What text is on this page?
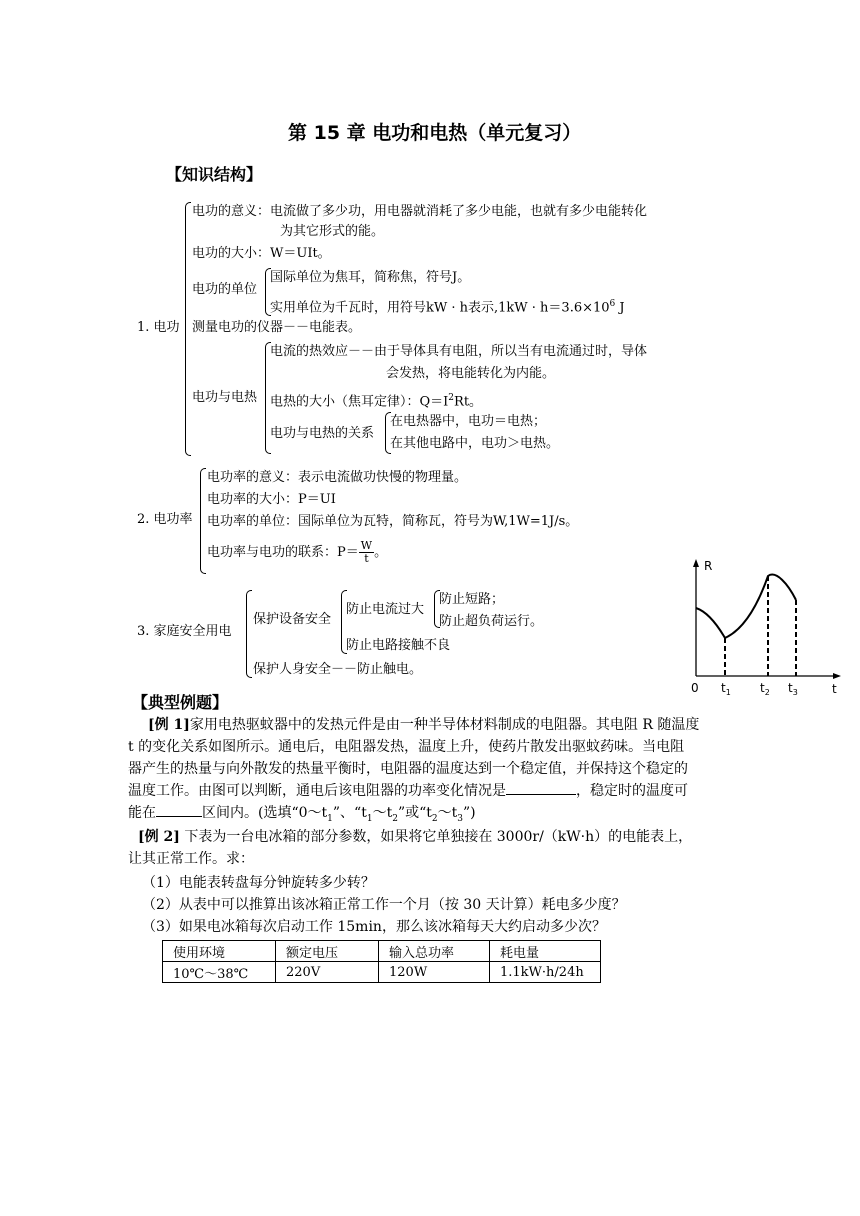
第 15 章 电功和电热（单元复习）
【知识结构】
1. 电功
电功的意义：电流做了多少功，用电器就消耗了多少电能，也就有多少电能转化
为其它形式的能。
电功的大小：W＝UIt。
电功的单位
国际单位为焦耳，简称焦，符号J。
实用单位为千瓦时，用符号kW · h表示$,1kW \cdot h=3.6\times 10^6$ J
测量电功的仪器－－电能表。
电功与电热
电流的热效应－－由于导体具有电阻，所以当有电流通过时，导体
会发热，将电能转化为内能。
电热的大小（焦耳定律）：$Q=I^2Rt$。
电功与电热的关系
在电热器中，电功＝电热；
在其他电路中，电功＞电热。
2. 电功率
电功率的意义：表示电流做功快慢的物理量。
电功率的大小：P＝UI
电功率的单位：国际单位为瓦特，简称瓦，符号为W,1W=1J/s。
电功率与电功的联系：$P= \frac{W}{t}$ 。
3. 家庭安全用电
保护设备安全
防止电流过大
防止短路；
防止超负荷运行。
防止电路接触不良
保护人身安全－－防止触电。
R
t
0 $t_1$ $t_2$ $t_3$
【典型例题】
[例 1]家用电热驱蚊器中的发热元件是由一种半导体材料制成的电阻器。其电阻 R 随温度
t 的变化关系如图所示。通电后，电阻器发热，温度上升，使药片散发出驱蚊药味。当电阻
器产生的热量与向外散发的热量平衡时，电阻器的温度达到一个稳定值，并保持这个稳定的
温度工作。由图可以判断，通电后该电阻器的功率变化情况是	，稳定时的温度可
能在	区间内。(选填“$0\sim t_1$”、“$t_1\sim t_2$”或“$t_2\sim t_3$”)
[例 2] 下表为一台电冰箱的部分参数，如果将它单独接在 3000r/（kW·h）的电能表上，
让其正常工作。求：
（1）电能表转盘每分钟旋转多少转？
（2）从表中可以推算出该冰箱正常工作一个月（按 30 天计算）耗电多少度？
（3）如果电冰箱每次启动工作 15min，那么该冰箱每天大约启动多少次？
使用环境	额定电压	输入总功率	耗电量
10℃～38℃	220V	120W	1.1kW·h/24h
